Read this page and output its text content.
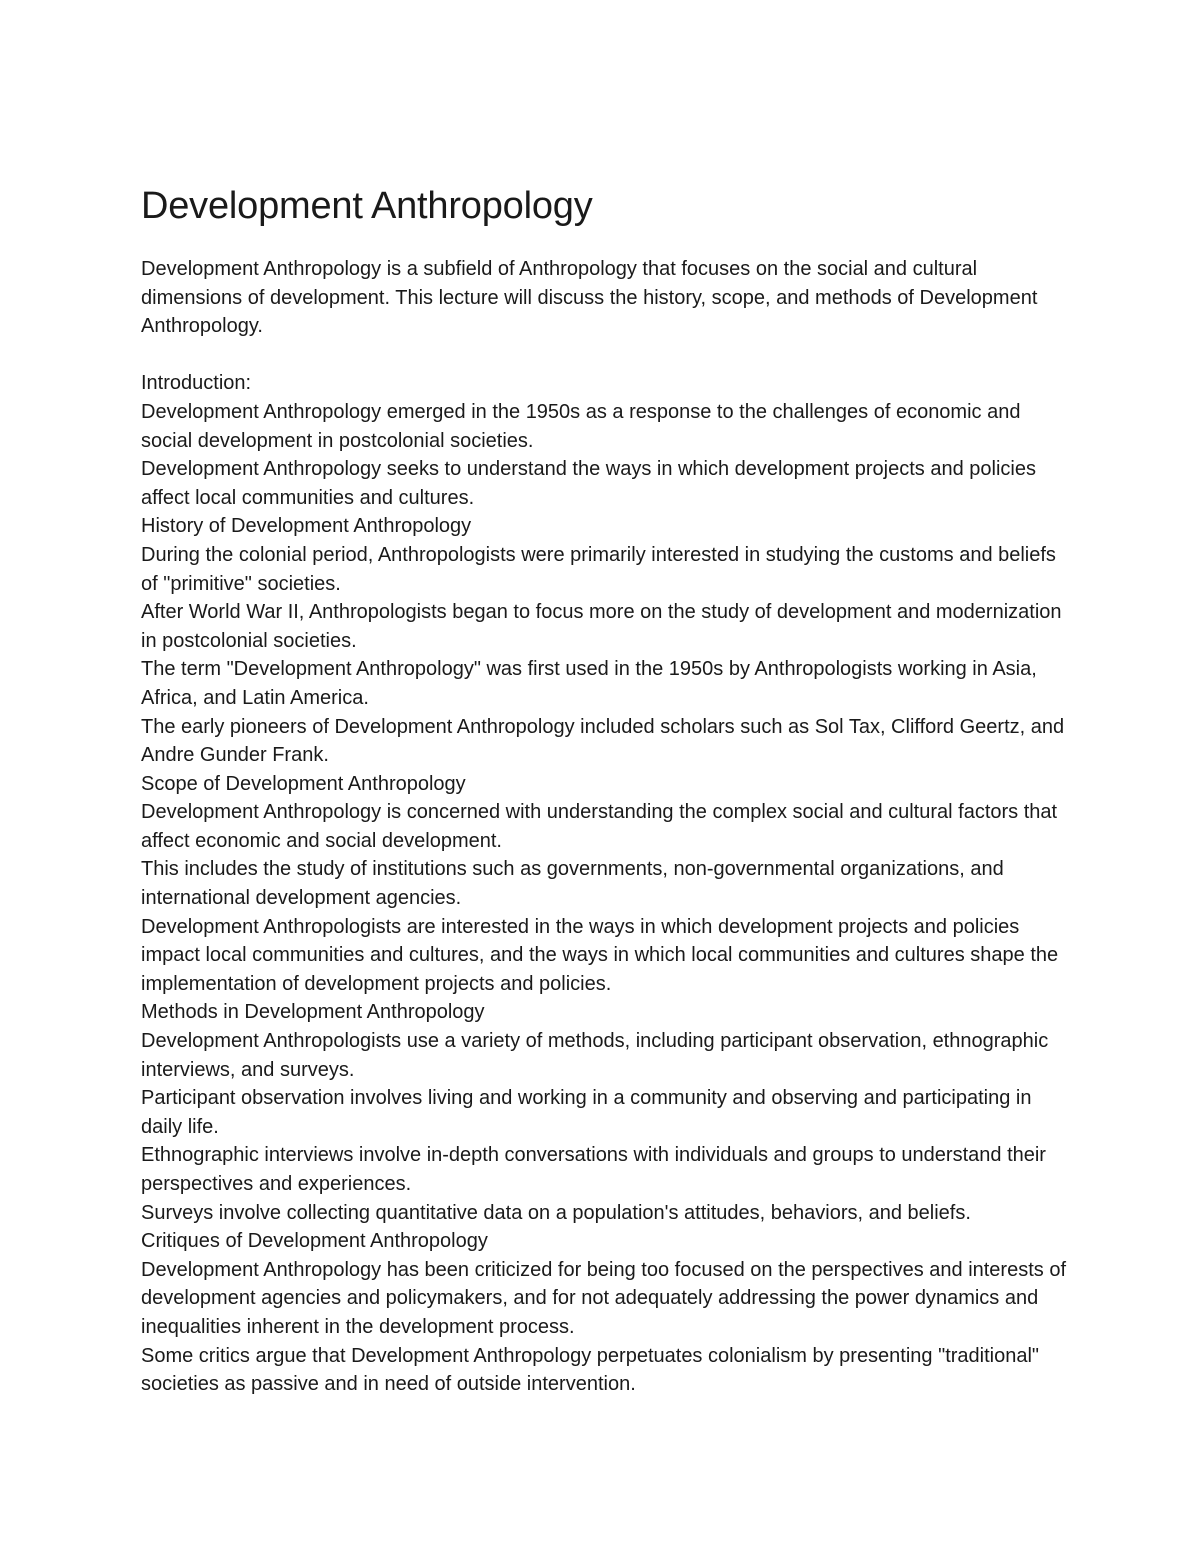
Development Anthropology

Development Anthropology is a subfield of Anthropology that focuses on the social and cultural dimensions of development. This lecture will discuss the history, scope, and methods of Development Anthropology.

Introduction:

Development Anthropology emerged in the 1950s as a response to the challenges of economic and social development in postcolonial societies.

Development Anthropology seeks to understand the ways in which development projects and policies affect local communities and cultures.

History of Development Anthropology

During the colonial period, Anthropologists were primarily interested in studying the customs and beliefs of "primitive" societies.

After World War II, Anthropologists began to focus more on the study of development and modernization in postcolonial societies.

The term "Development Anthropology" was first used in the 1950s by Anthropologists working in Asia, Africa, and Latin America.

The early pioneers of Development Anthropology included scholars such as Sol Tax, Clifford Geertz, and Andre Gunder Frank.

Scope of Development Anthropology

Development Anthropology is concerned with understanding the complex social and cultural factors that affect economic and social development.

This includes the study of institutions such as governments, non-governmental organizations, and international development agencies.

Development Anthropologists are interested in the ways in which development projects and policies impact local communities and cultures, and the ways in which local communities and cultures shape the implementation of development projects and policies.

Methods in Development Anthropology

Development Anthropologists use a variety of methods, including participant observation, ethnographic interviews, and surveys.

Participant observation involves living and working in a community and observing and participating in daily life.

Ethnographic interviews involve in-depth conversations with individuals and groups to understand their perspectives and experiences.

Surveys involve collecting quantitative data on a population's attitudes, behaviors, and beliefs.

Critiques of Development Anthropology

Development Anthropology has been criticized for being too focused on the perspectives and interests of development agencies and policymakers, and for not adequately addressing the power dynamics and inequalities inherent in the development process.

Some critics argue that Development Anthropology perpetuates colonialism by presenting "traditional" societies as passive and in need of outside intervention.
